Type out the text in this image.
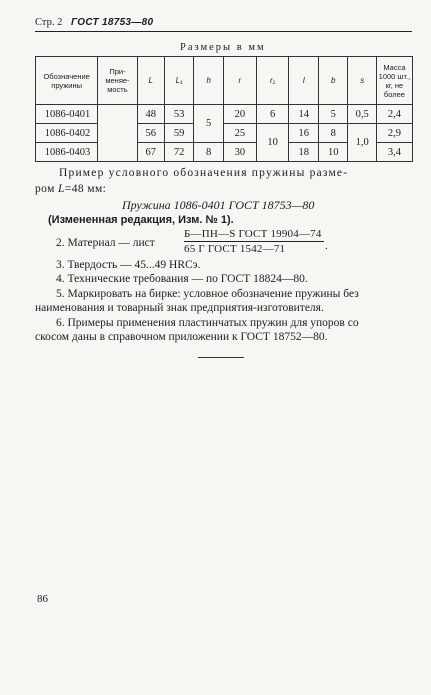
Стр. 2 ГОСТ 18753—80
Размеры в мм
Обозначение пружины	При-меняе-мость	L	L₁	h	r	r₁	l	b	s	Масса 1000 шт., кг, не более
1086-0401		48	53	5	20	6	14	5	0,5	2,4
1086-0402		56	59		25	10	16	8	1,0	2,9
1086-0403		67	72	8	30		18	10		3,4
Пример условного обозначения пружины разме-
ром L=48 мм:
Пружина 1086-0401 ГОСТ 18753—80
(Измененная редакция, Изм. № 1).
2. Материал — лист
Б—ПН—S ГОСТ 19904—74
65 Г ГОСТ 1542—71	.
3. Твердость — 45...49 HRCэ.
4. Технические требования — по ГОСТ 18824—80.
5. Маркировать на бирке: условное обозначение пружины без
наименования и товарный знак предприятия-изготовителя.
6. Примеры применения пластинчатых пружин для упоров со
скосом даны в справочном приложении к ГОСТ 18752—80.
86
